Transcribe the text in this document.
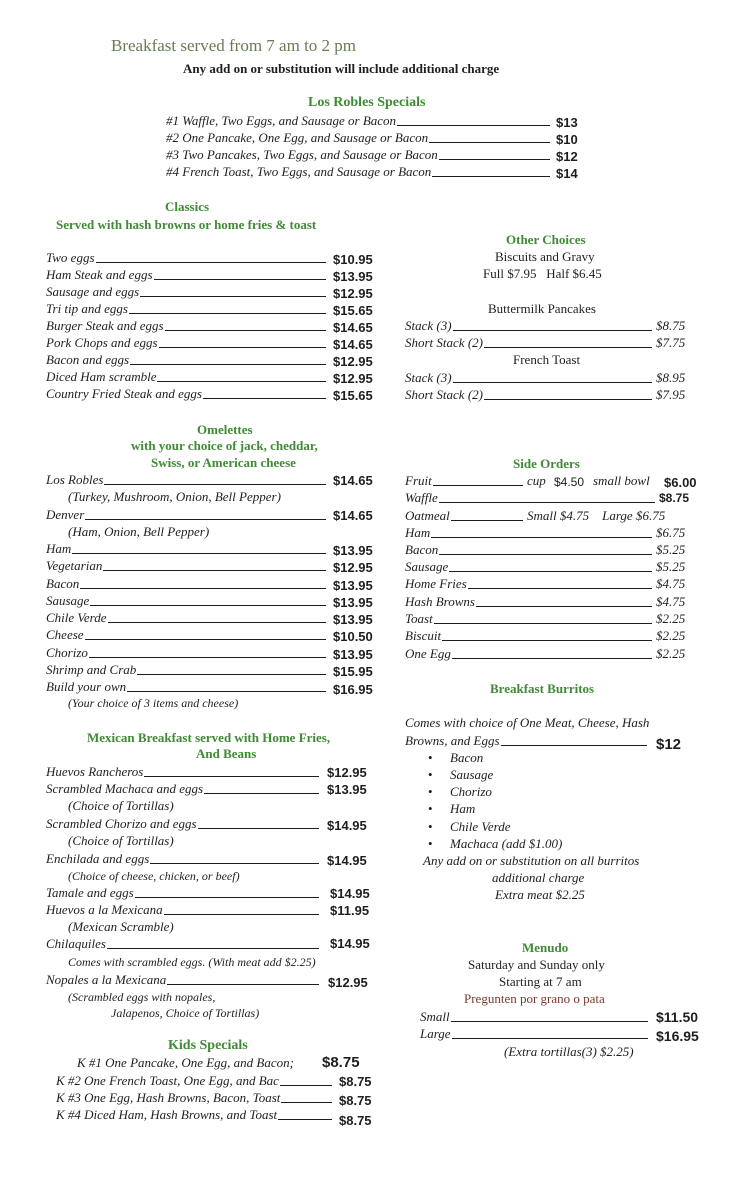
Breakfast served from 7 am to 2 pm
Any add on or substitution will include additional charge
Los Robles Specials
#1 Waffle, Two Eggs, and Sausage or Bacon	$13
#2 One Pancake, One Egg, and Sausage or Bacon	$10
#3 Two Pancakes, Two Eggs, and Sausage or Bacon	$12
#4 French Toast, Two Eggs, and Sausage or Bacon	$14
Classics
Served with hash browns or home fries & toast
Two eggs	$10.95
Ham Steak and eggs	$13.95
Sausage and eggs	$12.95
Tri tip and eggs	$15.65
Burger Steak and eggs	$14.65
Pork Chops and eggs	$14.65
Bacon and eggs	$12.95
Diced Ham scramble	$12.95
Country Fried Steak and eggs	$15.65
Other Choices
Biscuits and Gravy
Full $7.95   Half $6.45
Buttermilk Pancakes
Stack (3)	$8.75
Short Stack (2)	$7.75
French Toast
Stack (3)	$8.95
Short Stack (2)	$7.95
Omelettes
with your choice of jack, cheddar,
Swiss, or American cheese
Los Robles	$14.65
(Turkey, Mushroom, Onion, Bell Pepper)
Denver	$14.65
(Ham, Onion, Bell Pepper)
Ham	$13.95
Vegetarian	$12.95
Bacon	$13.95
Sausage	$13.95
Chile Verde	$13.95
Cheese	$10.50
Chorizo	$13.95
Shrimp and Crab	$15.95
Build your own	$16.95
(Your choice of 3 items and cheese)
Side Orders
Fruit	cup $4.50 small bowl $6.00
Waffle	$8.75
Oatmeal	Small $4.75    Large $6.75
Ham	$6.75
Bacon	$5.25
Sausage	$5.25
Home Fries	$4.75
Hash Browns	$4.75
Toast	$2.25
Biscuit	$2.25
One Egg	$2.25
Breakfast Burritos
Comes with choice of One Meat, Cheese, Hash
Browns, and Eggs	$12
• Bacon
• Sausage
• Chorizo
• Ham
• Chile Verde
• Machaca (add $1.00)
Any add on or substitution on all burritos
additional charge
Extra meat $2.25
Mexican Breakfast served with Home Fries,
And Beans
Huevos Rancheros	$12.95
Scrambled Machaca and eggs	$13.95
(Choice of Tortillas)
Scrambled Chorizo and eggs	$14.95
(Choice of Tortillas)
Enchilada and eggs	$14.95
(Choice of cheese, chicken, or beef)
Tamale and eggs	$14.95
Huevos a la Mexicana	$11.95
(Mexican Scramble)
Chilaquiles	$14.95
Comes with scrambled eggs. (With meat add $2.25)
Nopales a la Mexicana	$12.95
(Scrambled eggs with nopales,
Jalapenos, Choice of Tortillas)
Menudo
Saturday and Sunday only
Starting at 7 am
Pregunten por grano o pata
Small	$11.50
Large	$16.95
(Extra tortillas(3) $2.25)
Kids Specials
K #1 One Pancake, One Egg, and Bacon; $8.75
K #2 One French Toast, One Egg, and Bac	$8.75
K #3 One Egg, Hash Browns, Bacon, Toast	$8.75
K #4 Diced Ham, Hash Browns, and Toast	$8.75
